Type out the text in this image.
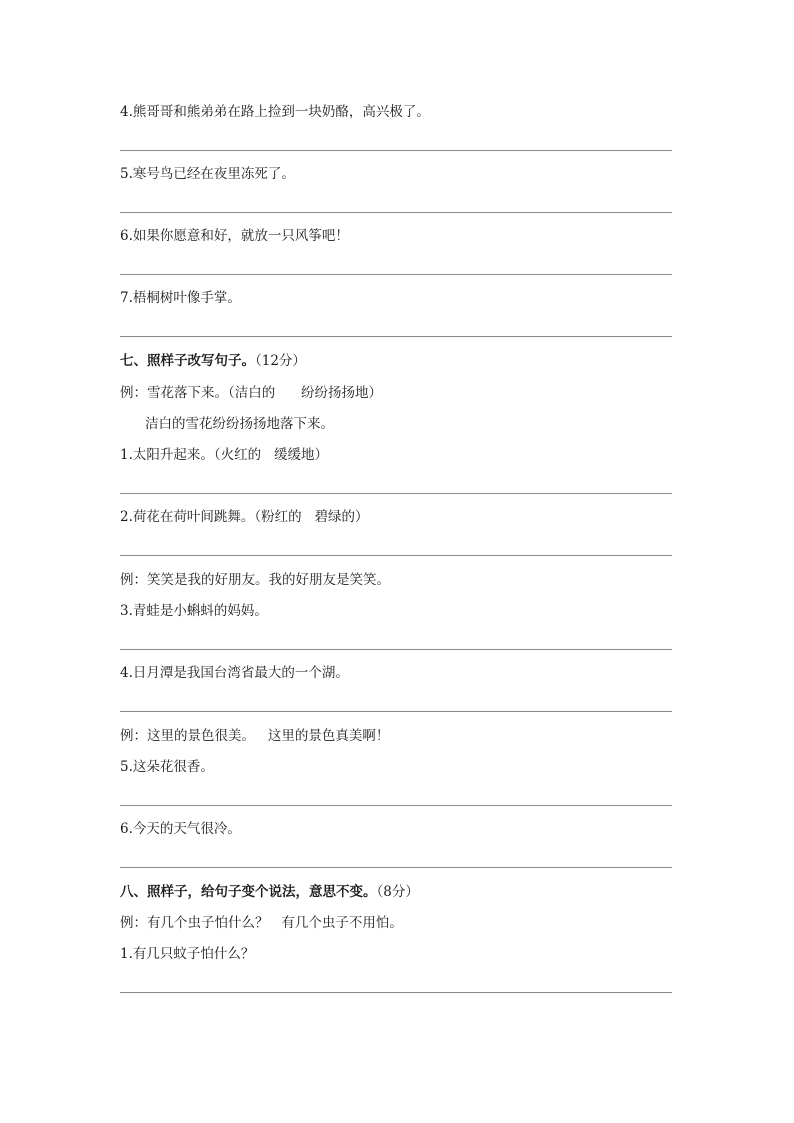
4.熊哥哥和熊弟弟在路上捡到一块奶酪，高兴极了。
5.寒号鸟已经在夜里冻死了。
6.如果你愿意和好，就放一只风筝吧！
7.梧桐树叶像手掌。
七、照样子改写句子。（12分）
例：雪花落下来。（洁白的      纷纷扬扬地）
洁白的雪花纷纷扬扬地落下来。
1.太阳升起来。（火红的   缓缓地）
2.荷花在荷叶间跳舞。（粉红的   碧绿的）
例：笑笑是我的好朋友。我的好朋友是笑笑。
3.青蛙是小蝌蚪的妈妈。
4.日月潭是我国台湾省最大的一个湖。
例：这里的景色很美。   这里的景色真美啊！
5.这朵花很香。
6.今天的天气很冷。
八、照样子，给句子变个说法，意思不变。（8分）
例：有几个虫子怕什么？   有几个虫子不用怕。
1.有几只蚊子怕什么？
